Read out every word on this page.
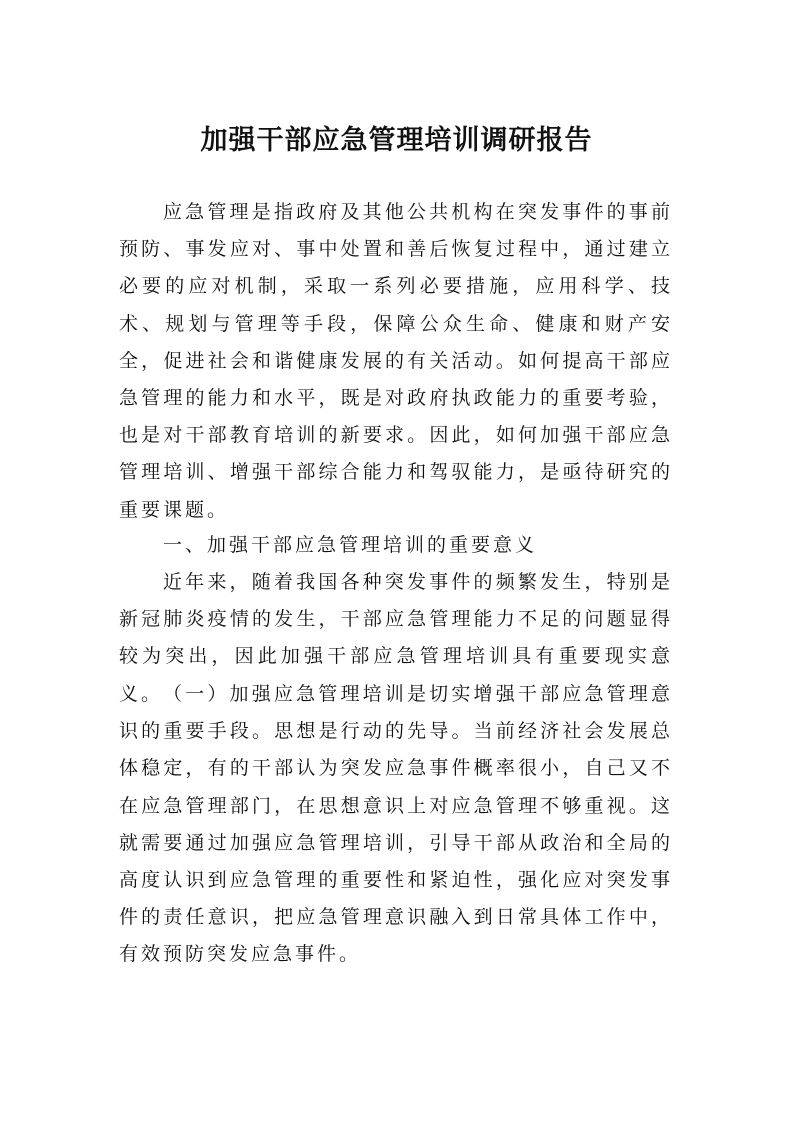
加强干部应急管理培训调研报告
应急管理是指政府及其他公共机构在突发事件的事前预防、事发应对、事中处置和善后恢复过程中，通过建立必要的应对机制，采取一系列必要措施，应用科学、技术、规划与管理等手段，保障公众生命、健康和财产安全，促进社会和谐健康发展的有关活动。如何提高干部应急管理的能力和水平，既是对政府执政能力的重要考验，也是对干部教育培训的新要求。因此，如何加强干部应急管理培训、增强干部综合能力和驾驭能力，是亟待研究的重要课题。
一、加强干部应急管理培训的重要意义
近年来，随着我国各种突发事件的频繁发生，特别是新冠肺炎疫情的发生，干部应急管理能力不足的问题显得较为突出，因此加强干部应急管理培训具有重要现实意义。 （一）加强应急管理培训是切实增强干部应急管理意识的重要手段。思想是行动的先导。当前经济社会发展总体稳定，有的干部认为突发应急事件概率很小，自己又不在应急管理部门，在思想意识上对应急管理不够重视。这就需要通过加强应急管理培训，引导干部从政治和全局的高度认识到应急管理的重要性和紧迫性，强化应对突发事件的责任意识，把应急管理意识融入到日常具体工作中，有效预防突发应急事件。
